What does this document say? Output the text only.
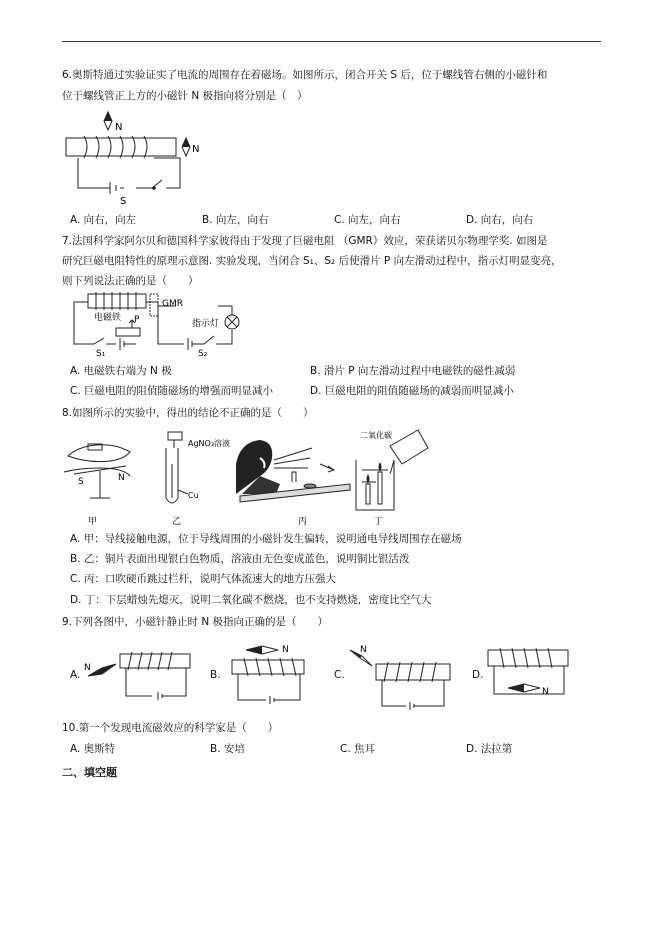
6.奥斯特通过实验证实了电流的周围存在着磁场。如图所示，闭合开关 S 后，位于螺线管右侧的小磁针和
位于螺线管正上方的小磁针 N 极指向将分别是（　）
N
N
S
A. 向右，向左	B. 向左，向右	C. 向左，向右	D. 向右，向右
7.法国科学家阿尔贝和德国科学家彼得由于发现了巨磁电阻 （GMR）效应，荣获诺贝尔物理学奖. 如图是
研究巨磁电阻特性的原理示意图. 实验发现，当闭合 S₁、S₂ 后使滑片 P 向左滑动过程中，指示灯明显变亮，
则下列说法正确的是（　　）
电磁铁
GMR
指示灯
P
S₁	S₂
A. 电磁铁右端为 N 极	B. 滑片 P 向左滑动过程中电磁铁的磁性减弱
C. 巨磁电阻的阻值随磁场的增强而明显减小	D. 巨磁电阻的阻值随磁场的减弱而明显减小
8.如图所示的实验中，得出的结论不正确的是（　　）
S	N
甲
AgNO₃溶液
Cu
乙	丙
二氧化碳
丁
A. 甲：导线接触电源，位于导线周围的小磁针发生偏转，说明通电导线周围存在磁场
B. 乙：铜片表面出现银白色物质，溶液由无色变成蓝色，说明铜比银活泼
C. 丙：口吹硬币跳过栏杆，说明气体流速大的地方压强大
D. 丁：下层蜡烛先熄灭，说明二氧化碳不燃烧，也不支持燃烧，密度比空气大
9.下列各图中，小磁针静止时 N 极指向正确的是（　　）
A.
N
B.
N
C.
N
D.
N
10.第一个发现电流磁效应的科学家是（　　）
A. 奥斯特	B. 安培	C. 焦耳	D. 法拉第
二、填空题
